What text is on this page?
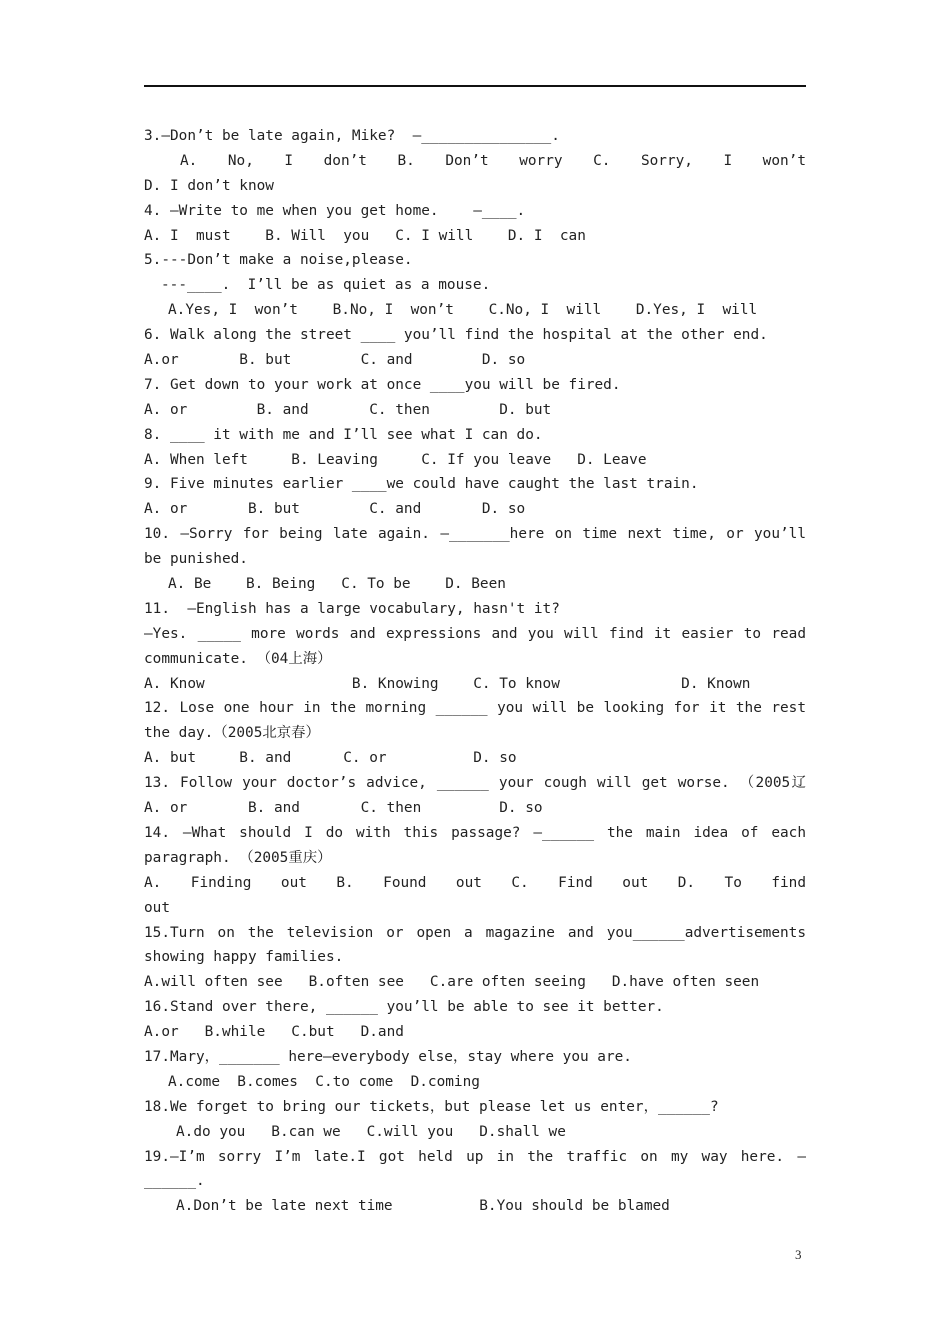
3.—Don’t be late again, Mike?  —_______________.
A. No, I don’t B. Don’t worry C. Sorry, I won’t
D. I don’t know
4. —Write to me when you get home.    —____.
A. I  must    B. Will  you   C. I will    D. I  can
5.---Don’t make a noise,please.
---____.  I’ll be as quiet as a mouse.
A.Yes, I  won’t    B.No, I  won’t    C.No, I  will    D.Yes, I  will
6. Walk along the street ____ you’ll find the hospital at the other end.
A.or       B. but        C. and        D. so
7. Get down to your work at once ____you will be fired.
A. or        B. and       C. then        D. but
8. ____ it with me and I’ll see what I can do.
A. When left     B. Leaving     C. If you leave   D. Leave
9. Five minutes earlier ____we could have caught the last train.
A. or       B. but        C. and       D. so
10. —Sorry for being late again. —_______here on time next time, or you’ll
be punished.
A. Be    B. Being   C. To be    D. Been
11.  —English has a large vocabulary, hasn't it?
—Yes. _____ more words and expressions and you will find it easier to read
communicate. （04上海）
A. Know                 B. Knowing    C. To know              D. Known
12. Lose one hour in the morning ______ you will be looking for it the rest
the day.（2005北京春）
A. but     B. and      C. or          D. so
13. Follow your doctor’s advice, ______ your cough will get worse. （2005辽
A. or       B. and       C. then         D. so
14. —What should I do with this passage? —______ the main idea of each
paragraph. （2005重庆）
A. Finding out B. Found out C. Find out D. To find
out
15.Turn on the television or open a magazine and you______advertisements
showing happy families.
A.will often see   B.often see   C.are often seeing   D.have often seen
16.Stand over there, ______ you’ll be able to see it better.
A.or   B.while   C.but   D.and
17.Mary，_______ here—everybody else，stay where you are.
A.come  B.comes  C.to come  D.coming
18.We forget to bring our tickets，but please let us enter，______?
A.do you   B.can we   C.will you   D.shall we
19.—I’m sorry I’m late.I got held up in the traffic on my way here. —
______.
A.Don’t be late next time          B.You should be blamed
3
